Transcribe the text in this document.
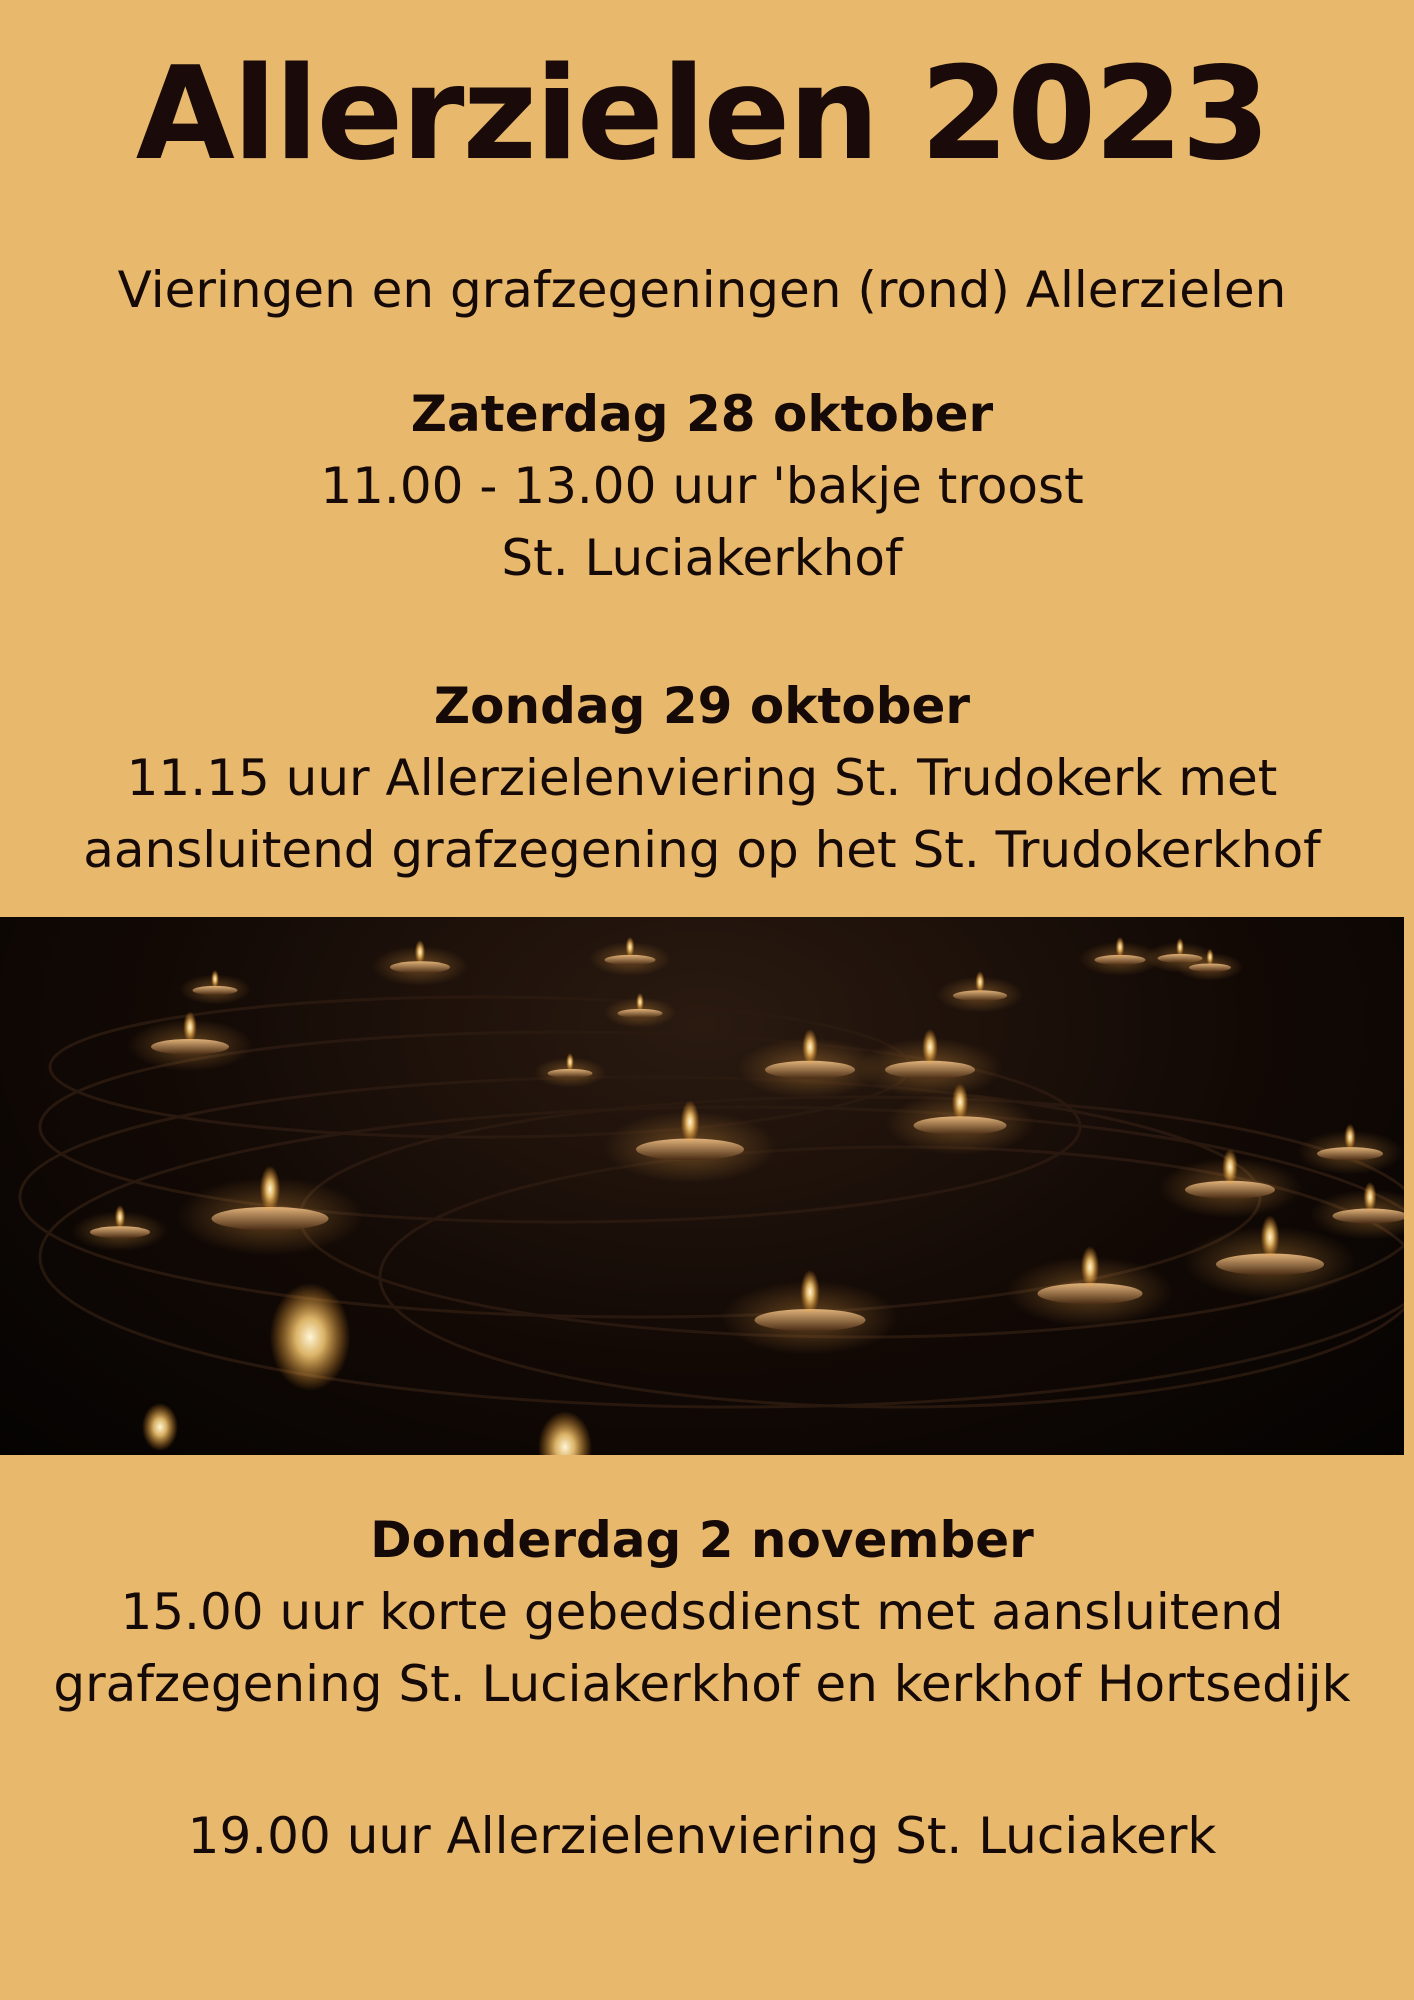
Allerzielen 2023
Vieringen en grafzegeningen (rond) Allerzielen
Zaterdag 28 oktober
11.00 - 13.00 uur 'bakje troost
St. Luciakerkhof
Zondag 29 oktober
11.15 uur Allerzielenviering St. Trudokerk met
aansluitend grafzegening op het St. Trudokerkhof
Donderdag 2 november
15.00 uur korte gebedsdienst met aansluitend
grafzegening St. Luciakerkhof en kerkhof Hortsedijk
19.00 uur Allerzielenviering St. Luciakerk
